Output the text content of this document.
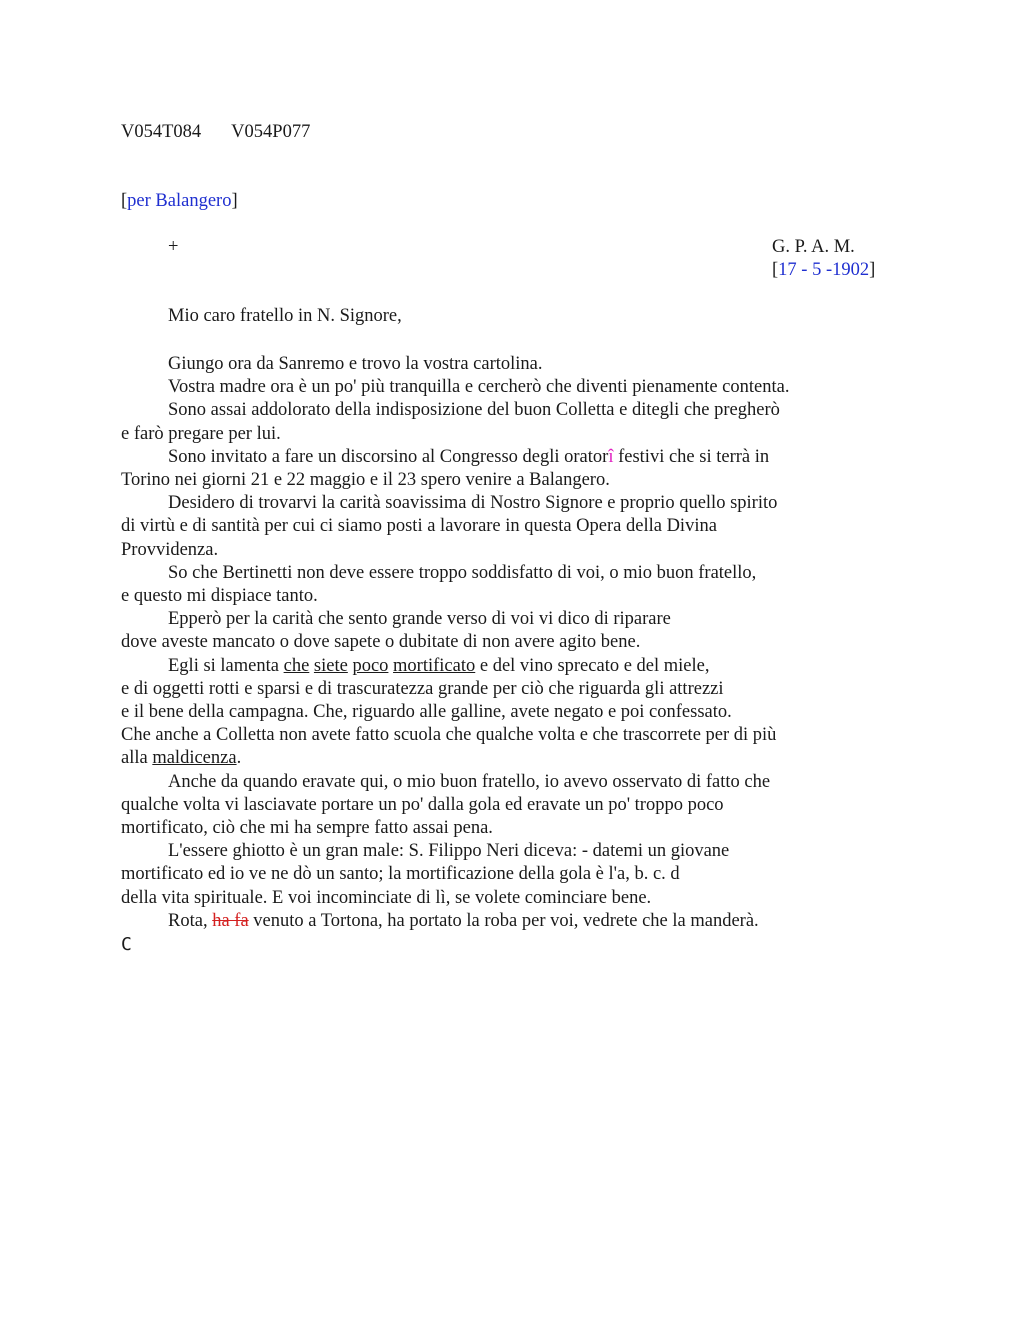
V054T084 V054P077
[per Balangero]
+	G. P. A. M.
[17 - 5 -1902]
Mio caro fratello in N. Signore,
Giungo ora da Sanremo e trovo la vostra cartolina.
Vostra madre ora è un po' più tranquilla e cercherò che diventi pienamente contenta.
Sono assai addolorato della indisposizione del buon Colletta e ditegli che pregherò
e farò pregare per lui.
Sono invitato a fare un discorsino al Congresso degli oratorî festivi che si terrà in
Torino nei giorni 21 e 22 maggio e il 23 spero venire a Balangero.
Desidero di trovarvi la carità soavissima di Nostro Signore e proprio quello spirito
di virtù e di santità per cui ci siamo posti a lavorare in questa Opera della Divina
Provvidenza.
So che Bertinetti non deve essere troppo soddisfatto di voi, o mio buon fratello,
e questo mi dispiace tanto.
Epperò per la carità che sento grande verso di voi vi dico di riparare
dove aveste mancato o dove sapete o dubitate di non avere agito bene.
Egli si lamenta che siete poco mortificato e del vino sprecato e del miele,
e di oggetti rotti e sparsi e di trascuratezza grande per ciò che riguarda gli attrezzi
e il bene della campagna. Che, riguardo alle galline, avete negato e poi confessato.
Che anche a Colletta non avete fatto scuola che qualche volta e che trascorrete per di più
alla maldicenza.
Anche da quando eravate qui, o mio buon fratello, io avevo osservato di fatto che
qualche volta vi lasciavate portare un po' dalla gola ed eravate un po' troppo poco
mortificato, ciò che mi ha sempre fatto assai pena.
L'essere ghiotto è un gran male: S. Filippo Neri diceva: - datemi un giovane
mortificato ed io ve ne dò un santo; la mortificazione della gola è l'a, b. c. d
della vita spirituale. E voi incominciate di lì, se volete cominciare bene.
Rota, ha fa venuto a Tortona, ha portato la roba per voi, vedrete che la manderà.
C
